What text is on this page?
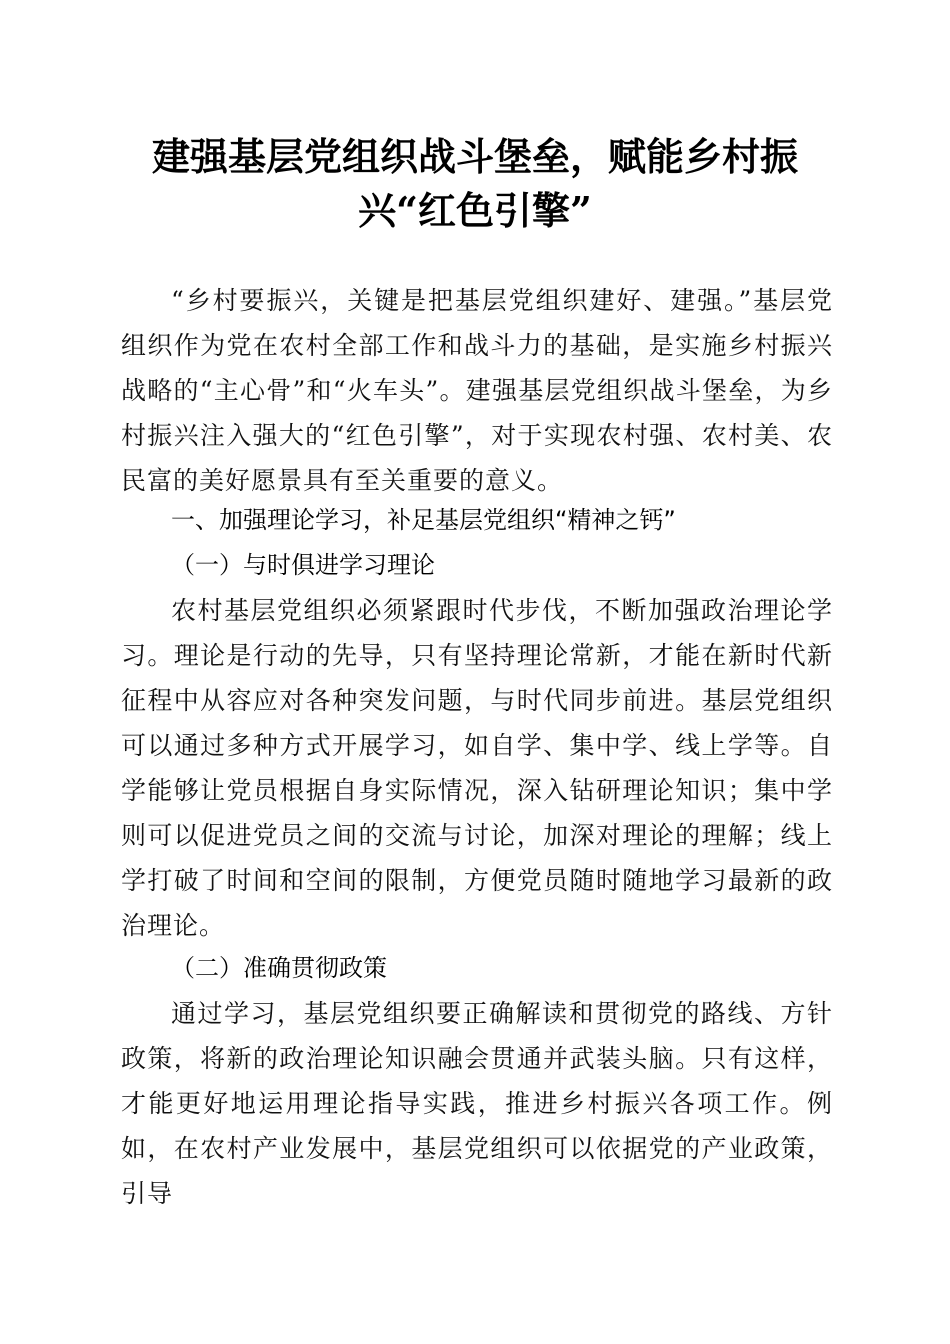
建强基层党组织战斗堡垒，赋能乡村振兴“红色引擎”

“乡村要振兴，关键是把基层党组织建好、建强。”基层党组织作为党在农村全部工作和战斗力的基础，是实施乡村振兴战略的“主心骨”和“火车头”。建强基层党组织战斗堡垒，为乡村振兴注入强大的“红色引擎”，对于实现农村强、农村美、农民富的美好愿景具有至关重要的意义。

一、加强理论学习，补足基层党组织“精神之钙”

（一）与时俱进学习理论

农村基层党组织必须紧跟时代步伐，不断加强政治理论学习。理论是行动的先导，只有坚持理论常新，才能在新时代新征程中从容应对各种突发问题，与时代同步前进。基层党组织可以通过多种方式开展学习，如自学、集中学、线上学等。自学能够让党员根据自身实际情况，深入钻研理论知识；集中学则可以促进党员之间的交流与讨论，加深对理论的理解；线上学打破了时间和空间的限制，方便党员随时随地学习最新的政治理论。

（二）准确贯彻政策

通过学习，基层党组织要正确解读和贯彻党的路线、方针政策，将新的政治理论知识融会贯通并武装头脑。只有这样，才能更好地运用理论指导实践，推进乡村振兴各项工作。例如，在农村产业发展中，基层党组织可以依据党的产业政策，引导
